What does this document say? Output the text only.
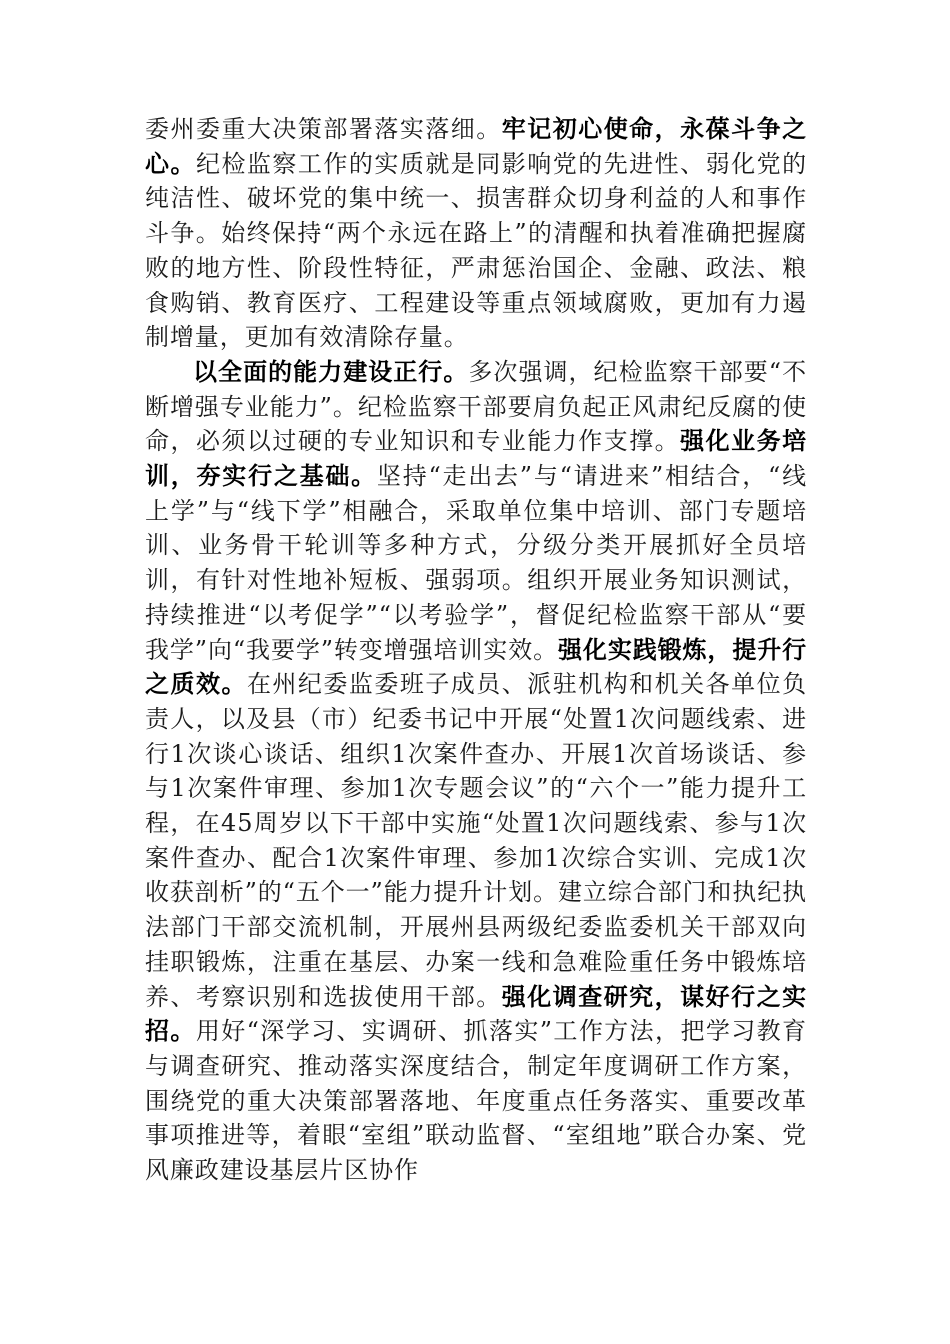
委州委重大决策部署落实落细。牢记初心使命，永葆斗争之心。纪检监察工作的实质就是同影响党的先进性、弱化党的纯洁性、破坏党的集中统一、损害群众切身利益的人和事作斗争。始终保持“两个永远在路上”的清醒和执着准确把握腐败的地方性、阶段性特征，严肃惩治国企、金融、政法、粮食购销、教育医疗、工程建设等重点领域腐败，更加有力遏制增量，更加有效清除存量。

以全面的能力建设正行。多次强调，纪检监察干部要“不断增强专业能力”。纪检监察干部要肩负起正风肃纪反腐的使命，必须以过硬的专业知识和专业能力作支撑。强化业务培训，夯实行之基础。坚持“走出去”与“请进来”相结合，“线上学”与“线下学”相融合，采取单位集中培训、部门专题培训、业务骨干轮训等多种方式，分级分类开展抓好全员培训，有针对性地补短板、强弱项。组织开展业务知识测试，持续推进“以考促学”“以考验学”，督促纪检监察干部从“要我学”向“我要学”转变增强培训实效。强化实践锻炼，提升行之质效。在州纪委监委班子成员、派驻机构和机关各单位负责人，以及县（市）纪委书记中开展“处置1次问题线索、进行1次谈心谈话、组织1次案件查办、开展1次首场谈话、参与1次案件审理、参加1次专题会议”的“六个一”能力提升工程，在45周岁以下干部中实施“处置1次问题线索、参与1次案件查办、配合1次案件审理、参加1次综合实训、完成1次收获剖析”的“五个一”能力提升计划。建立综合部门和执纪执法部门干部交流机制，开展州县两级纪委监委机关干部双向挂职锻炼，注重在基层、办案一线和急难险重任务中锻炼培养、考察识别和选拔使用干部。强化调查研究，谋好行之实招。用好“深学习、实调研、抓落实”工作方法，把学习教育与调查研究、推动落实深度结合，制定年度调研工作方案，围绕党的重大决策部署落地、年度重点任务落实、重要改革事项推进等，着眼“室组”联动监督、“室组地”联合办案、党风廉政建设基层片区协作
